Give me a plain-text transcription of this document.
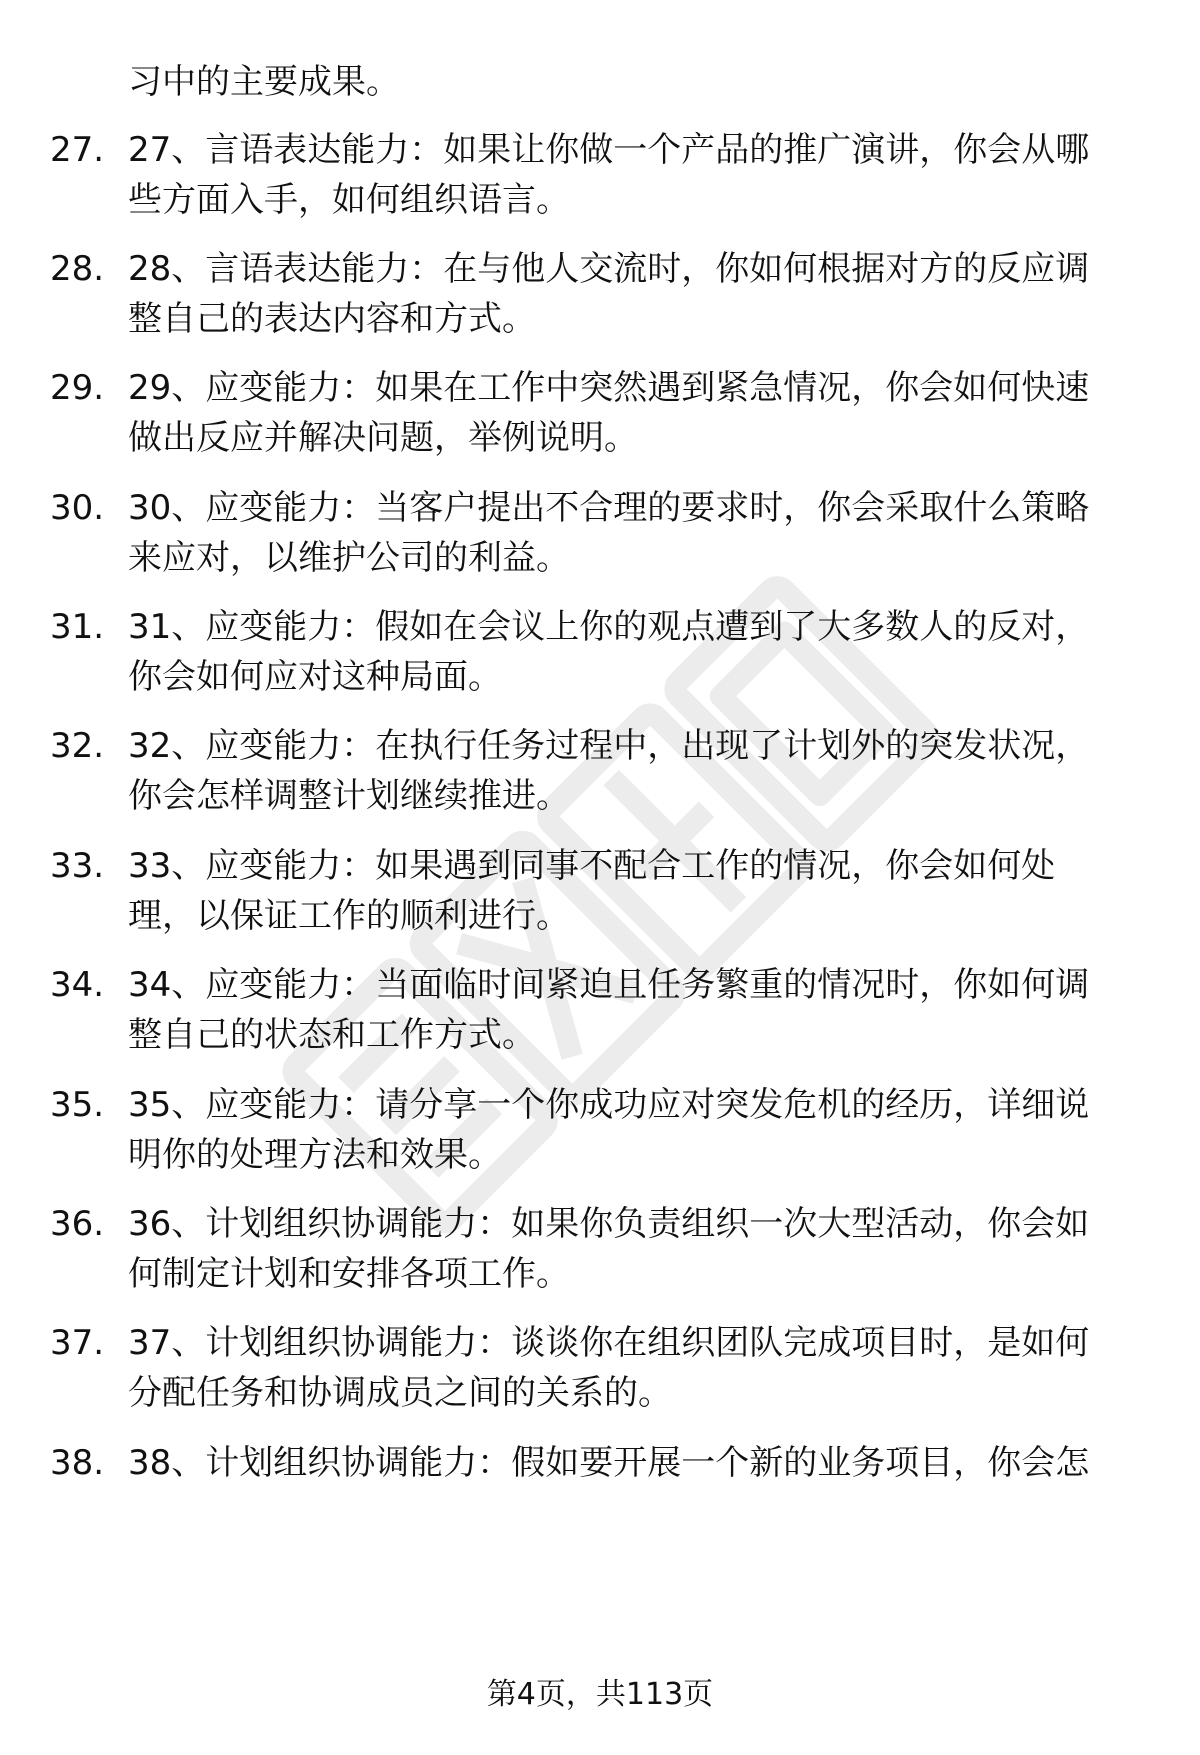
习中的主要成果。
27. 27、言语表达能力：如果让你做一个产品的推广演讲，你会从哪
些方面入手，如何组织语言。
28. 28、言语表达能力：在与他人交流时，你如何根据对方的反应调
整自己的表达内容和方式。
29. 29、应变能力：如果在工作中突然遇到紧急情况，你会如何快速
做出反应并解决问题，举例说明。
30. 30、应变能力：当客户提出不合理的要求时，你会采取什么策略
来应对，以维护公司的利益。
31. 31、应变能力：假如在会议上你的观点遭到了大多数人的反对，
你会如何应对这种局面。
32. 32、应变能力：在执行任务过程中，出现了计划外的突发状况，
你会怎样调整计划继续推进。
33. 33、应变能力：如果遇到同事不配合工作的情况，你会如何处
理，以保证工作的顺利进行。
34. 34、应变能力：当面临时间紧迫且任务繁重的情况时，你如何调
整自己的状态和工作方式。
35. 35、应变能力：请分享一个你成功应对突发危机的经历，详细说
明你的处理方法和效果。
36. 36、计划组织协调能力：如果你负责组织一次大型活动，你会如
何制定计划和安排各项工作。
37. 37、计划组织协调能力：谈谈你在组织团队完成项目时，是如何
分配任务和协调成员之间的关系的。
38. 38、计划组织协调能力：假如要开展一个新的业务项目，你会怎
第4页，共113页
